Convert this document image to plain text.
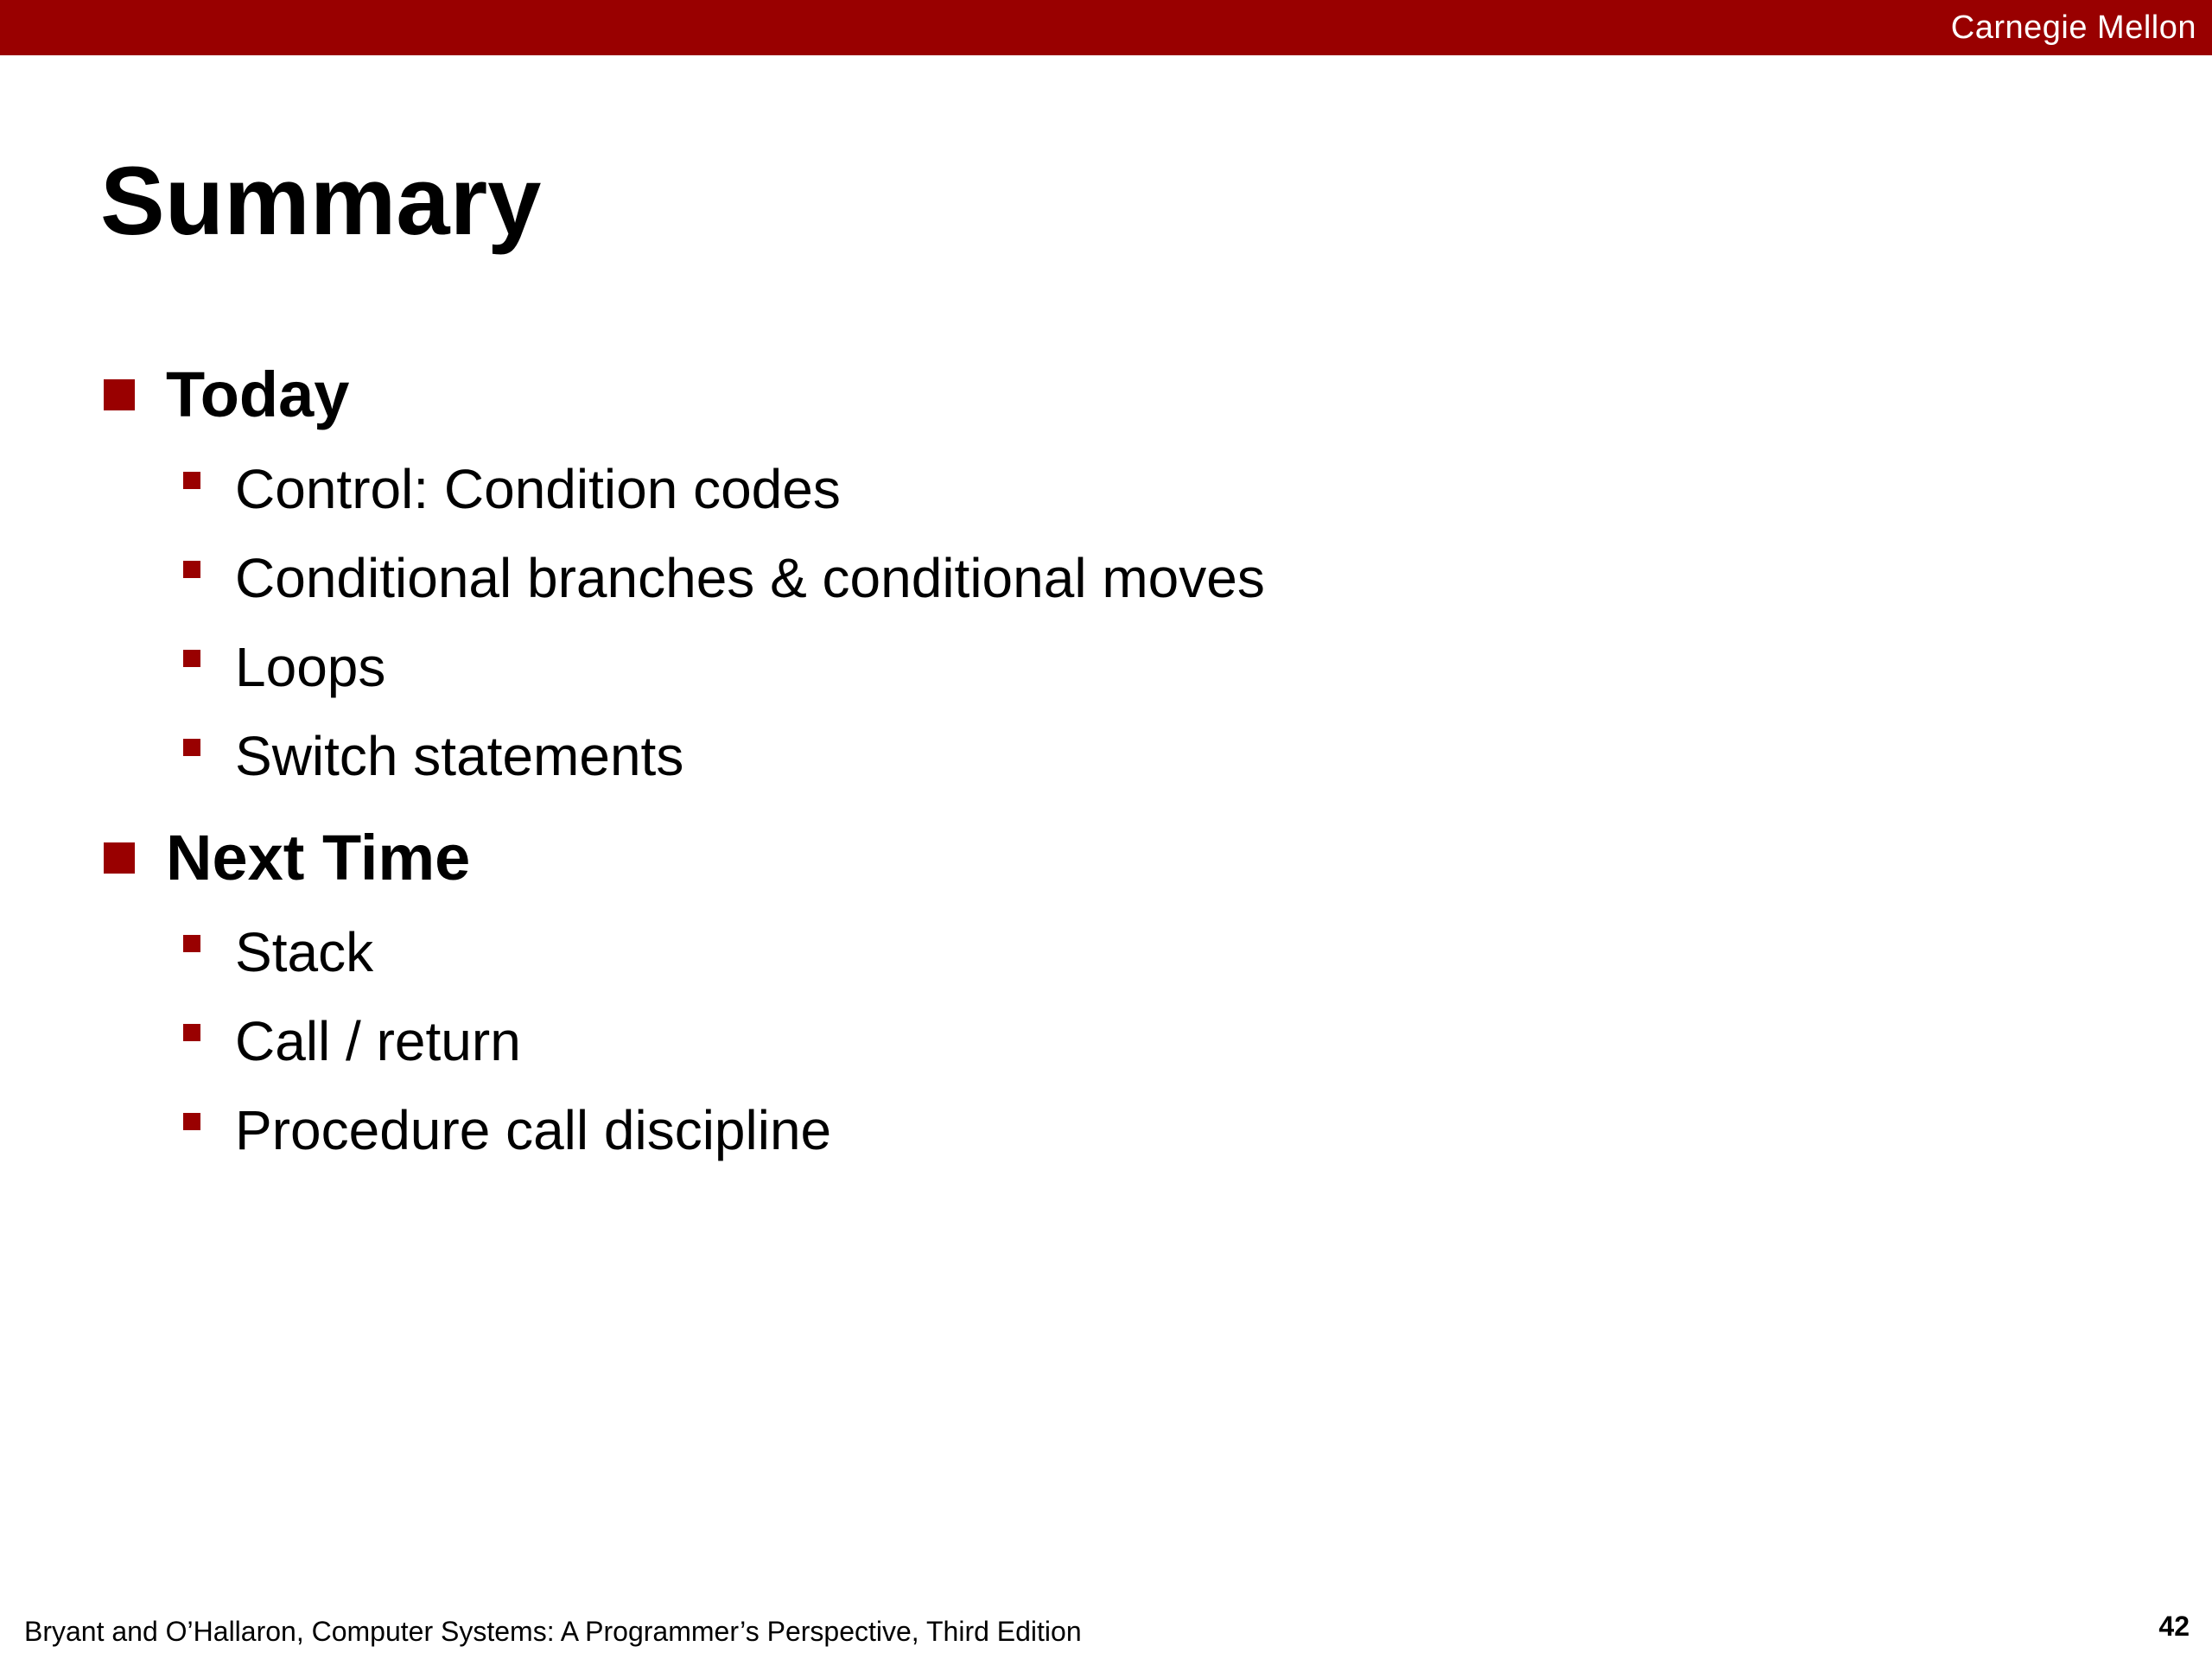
Carnegie Mellon
Summary
Today
Control: Condition codes
Conditional branches & conditional moves
Loops
Switch statements
Next Time
Stack
Call / return
Procedure call discipline
Bryant and O’Hallaron, Computer Systems: A Programmer’s Perspective, Third Edition	42
